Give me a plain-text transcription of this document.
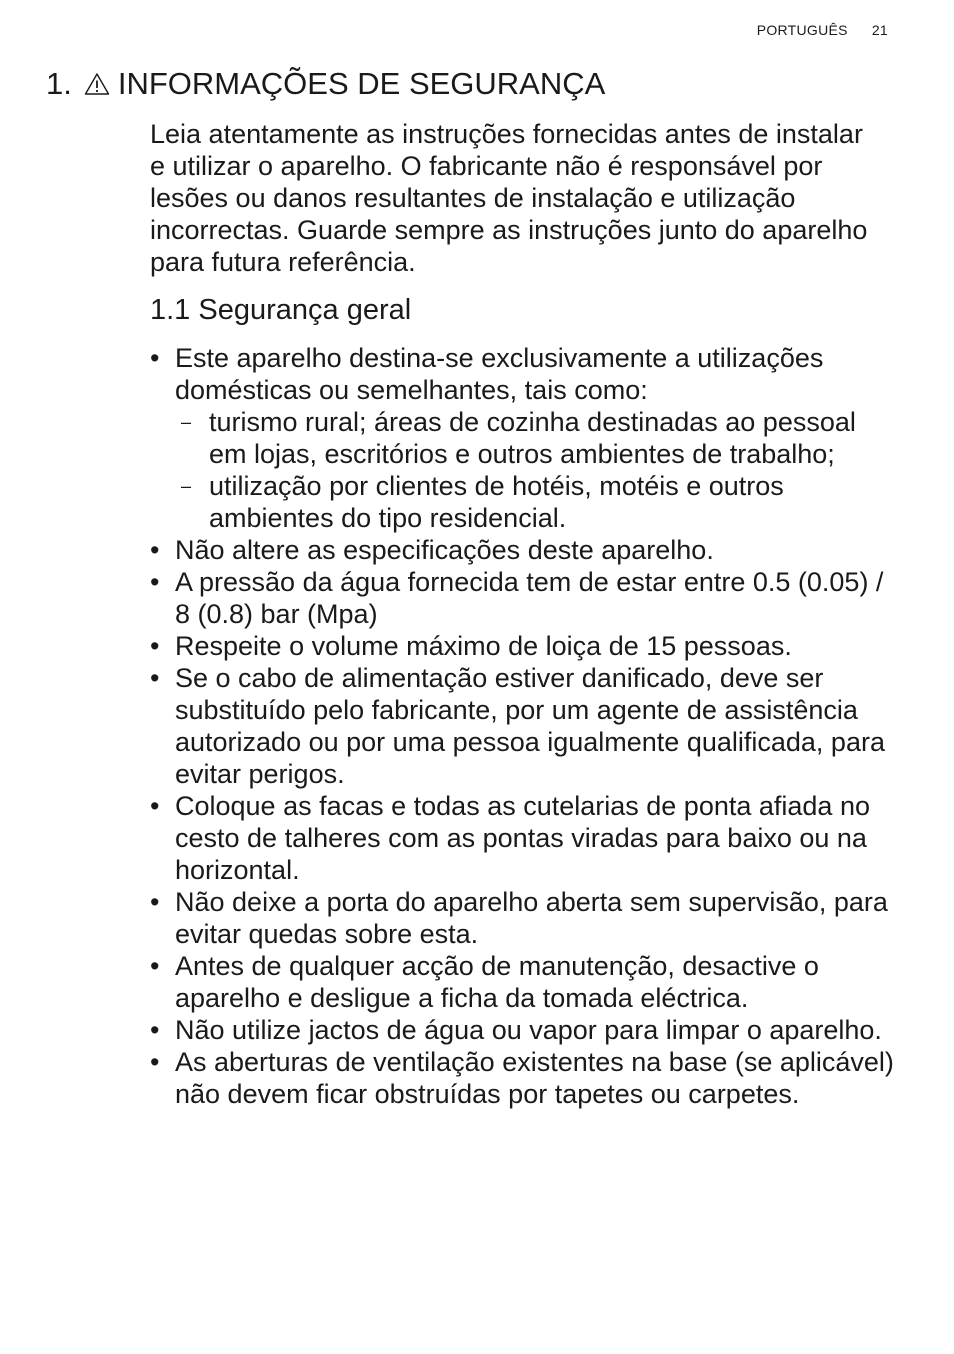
PORTUGUÊS 21
1. INFORMAÇÕES DE SEGURANÇA

Leia atentamente as instruções fornecidas antes de instalar e utilizar o aparelho. O fabricante não é responsável por lesões ou danos resultantes de instalação e utilização incorrectas. Guarde sempre as instruções junto do aparelho para futura referência.

1.1 Segurança geral
• Este aparelho destina-se exclusivamente a utilizações domésticas ou semelhantes, tais como:
– turismo rural; áreas de cozinha destinadas ao pessoal em lojas, escritórios e outros ambientes de trabalho;
– utilização por clientes de hotéis, motéis e outros ambientes do tipo residencial.
• Não altere as especificações deste aparelho.
• A pressão da água fornecida tem de estar entre 0.5 (0.05) / 8 (0.8) bar (Mpa)
• Respeite o volume máximo de loiça de 15 pessoas.
• Se o cabo de alimentação estiver danificado, deve ser substituído pelo fabricante, por um agente de assistência autorizado ou por uma pessoa igualmente qualificada, para evitar perigos.
• Coloque as facas e todas as cutelarias de ponta afiada no cesto de talheres com as pontas viradas para baixo ou na horizontal.
• Não deixe a porta do aparelho aberta sem supervisão, para evitar quedas sobre esta.
• Antes de qualquer acção de manutenção, desactive o aparelho e desligue a ficha da tomada eléctrica.
• Não utilize jactos de água ou vapor para limpar o aparelho.
• As aberturas de ventilação existentes na base (se aplicável) não devem ficar obstruídas por tapetes ou carpetes.
